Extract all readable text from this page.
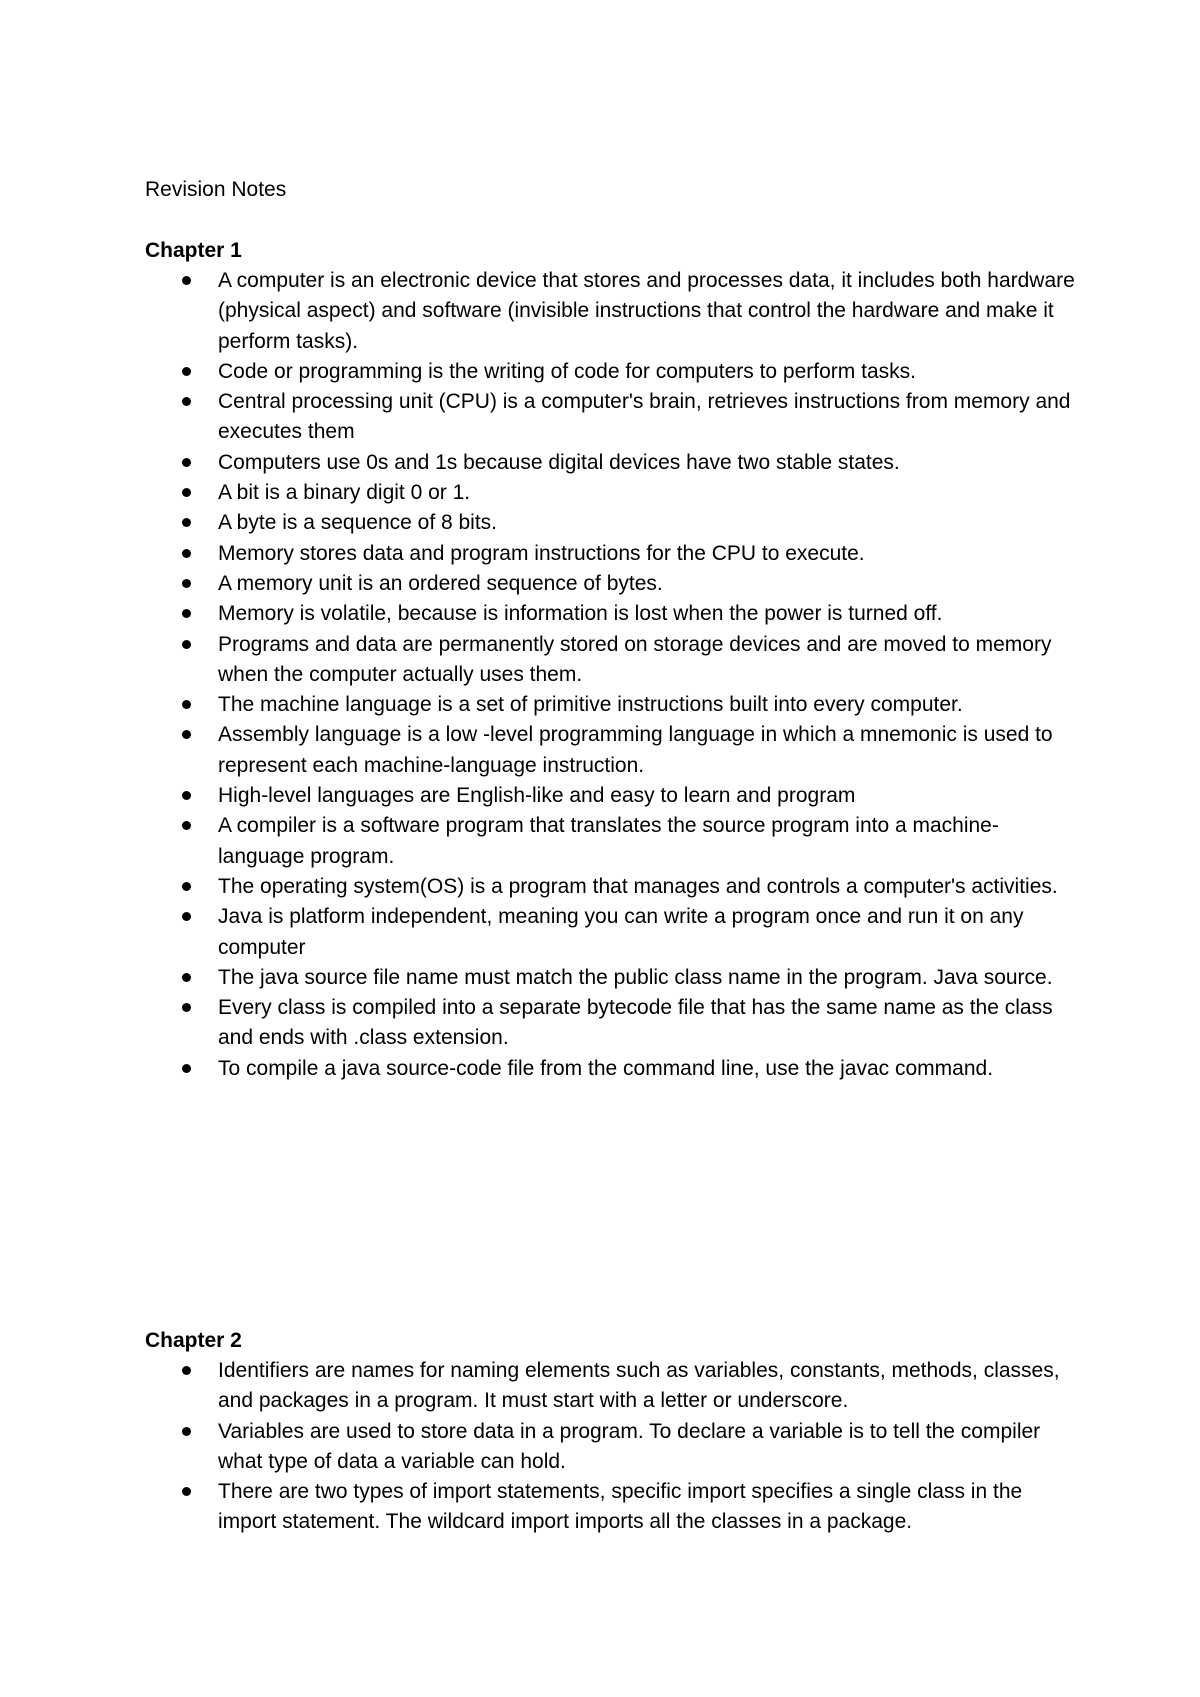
Revision Notes
Chapter 1
A computer is an electronic device that stores and processes data, it includes both hardware (physical aspect) and software (invisible instructions that control the hardware and make it perform tasks).
Code or programming is the writing of code for computers to perform tasks.
Central processing unit (CPU) is a computer's brain, retrieves instructions from memory and executes them
Computers use 0s and 1s because digital devices have two stable states.
A bit is a binary digit 0 or 1.
A byte is a sequence of 8 bits.
Memory stores data and program instructions for the CPU to execute.
A memory unit is an ordered sequence of bytes.
Memory is volatile, because is information is lost when the power is turned off.
Programs and data are permanently stored on storage devices and are moved to memory when the computer actually uses them.
The machine language is a set of primitive instructions built into every computer.
Assembly language is a low -level programming language in which a mnemonic is used to represent each machine-language instruction.
High-level languages are English-like and easy to learn and program
A compiler is a software program that translates the source program into a machine-language program.
The operating system(OS) is a program that manages and controls a computer's activities.
Java is platform independent, meaning you can write a program once and run it on any computer
The java source file name must match the public class name in the program. Java source.
Every class is compiled into a separate bytecode file that has the same name as the class and ends with .class extension.
To compile a java source-code file from the command line, use the javac command.
Chapter 2
Identifiers are names for naming elements such as variables, constants, methods, classes, and packages in a program. It must start with a letter or underscore.
Variables are used to store data in a program. To declare a variable is to tell the compiler what type of data a variable can hold.
There are two types of import statements, specific import specifies a single class in the import statement. The wildcard import imports all the classes in a package.
